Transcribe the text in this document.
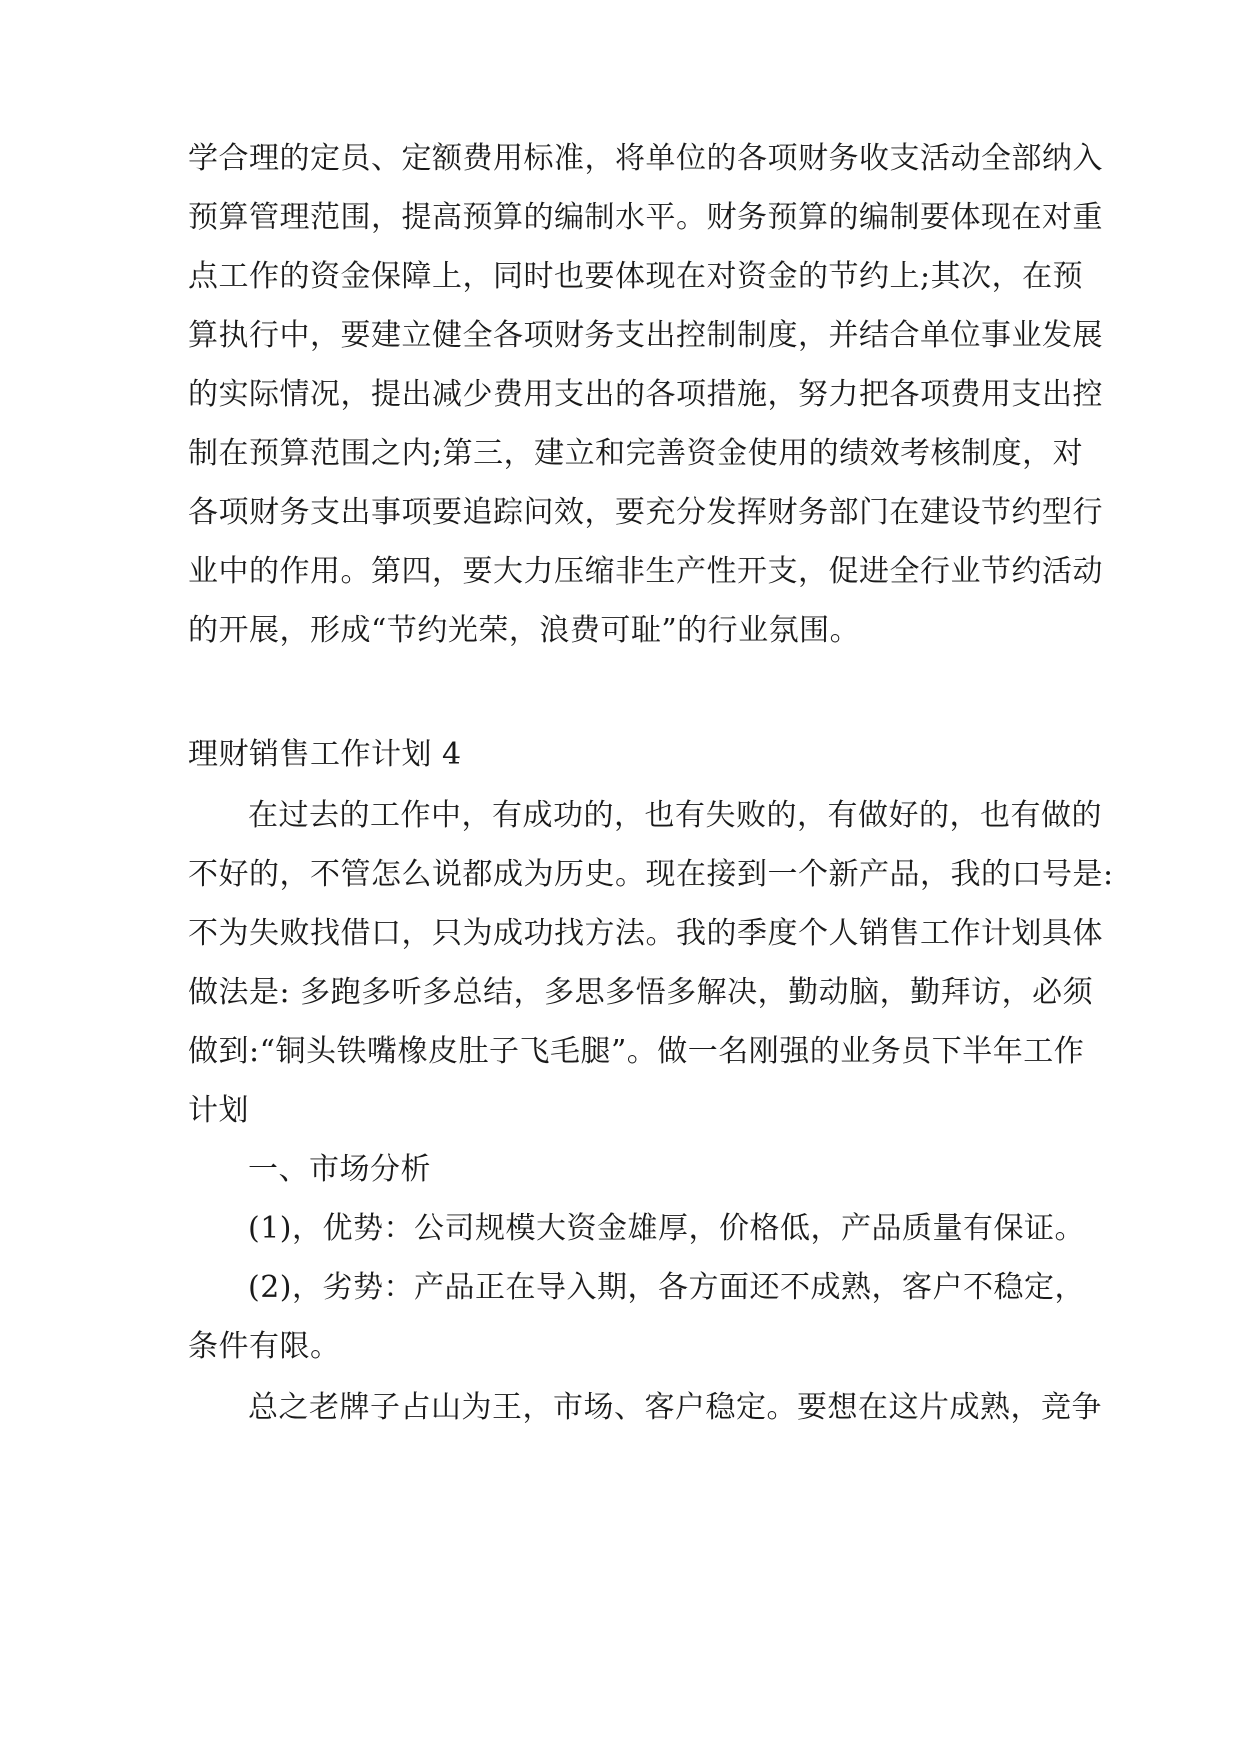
学合理的定员、定额费用标准，将单位的各项财务收支活动全部纳入
预算管理范围，提高预算的编制水平。财务预算的编制要体现在对重
点工作的资金保障上，同时也要体现在对资金的节约上;其次，在预
算执行中，要建立健全各项财务支出控制制度，并结合单位事业发展
的实际情况，提出减少费用支出的各项措施，努力把各项费用支出控
制在预算范围之内;第三，建立和完善资金使用的绩效考核制度，对
各项财务支出事项要追踪问效，要充分发挥财务部门在建设节约型行
业中的作用。第四，要大力压缩非生产性开支，促进全行业节约活动
的开展，形成“节约光荣，浪费可耻”的行业氛围。
理财销售工作计划 4
在过去的工作中，有成功的，也有失败的，有做好的，也有做的
不好的，不管怎么说都成为历史。现在接到一个新产品，我的口号是:
不为失败找借口，只为成功找方法。我的季度个人销售工作计划具体
做法是: 多跑多听多总结，多思多悟多解决，勤动脑，勤拜访，必须
做到:“铜头铁嘴橡皮肚子飞毛腿”。做一名刚强的业务员下半年工作
计划
一、市场分析
(1)，优势：公司规模大资金雄厚，价格低，产品质量有保证。
(2)，劣势：产品正在导入期，各方面还不成熟，客户不稳定，
条件有限。
总之老牌子占山为王，市场、客户稳定。要想在这片成熟，竞争
